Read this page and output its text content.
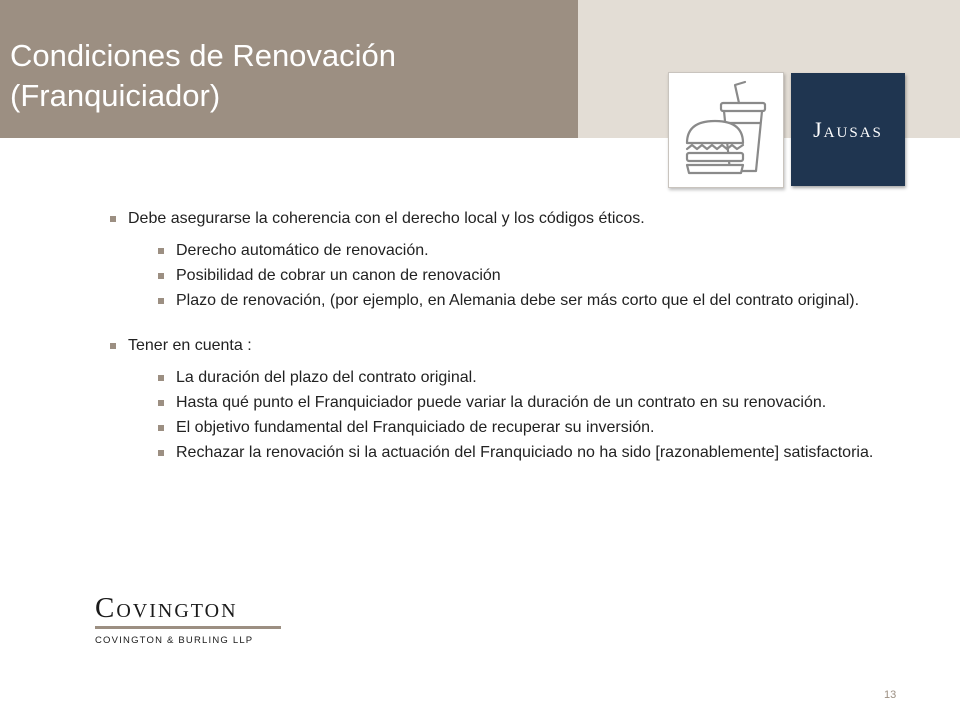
Condiciones de Renovación
(Franquiciador)
Jausas
Debe asegurarse la coherencia con el derecho local y los códigos éticos.
Derecho automático de renovación.
Posibilidad de cobrar un canon de renovación
Plazo de renovación, (por ejemplo, en Alemania debe ser más corto que el del contrato original).
Tener en cuenta :
La duración del plazo del contrato original.
Hasta qué punto el Franquiciador puede variar la duración de un contrato en su renovación.
El objetivo fundamental del Franquiciado de recuperar su inversión.
Rechazar la renovación si la actuación del Franquiciado no ha sido [razonablemente] satisfactoria.
Covington
COVINGTON & BURLING LLP
13
